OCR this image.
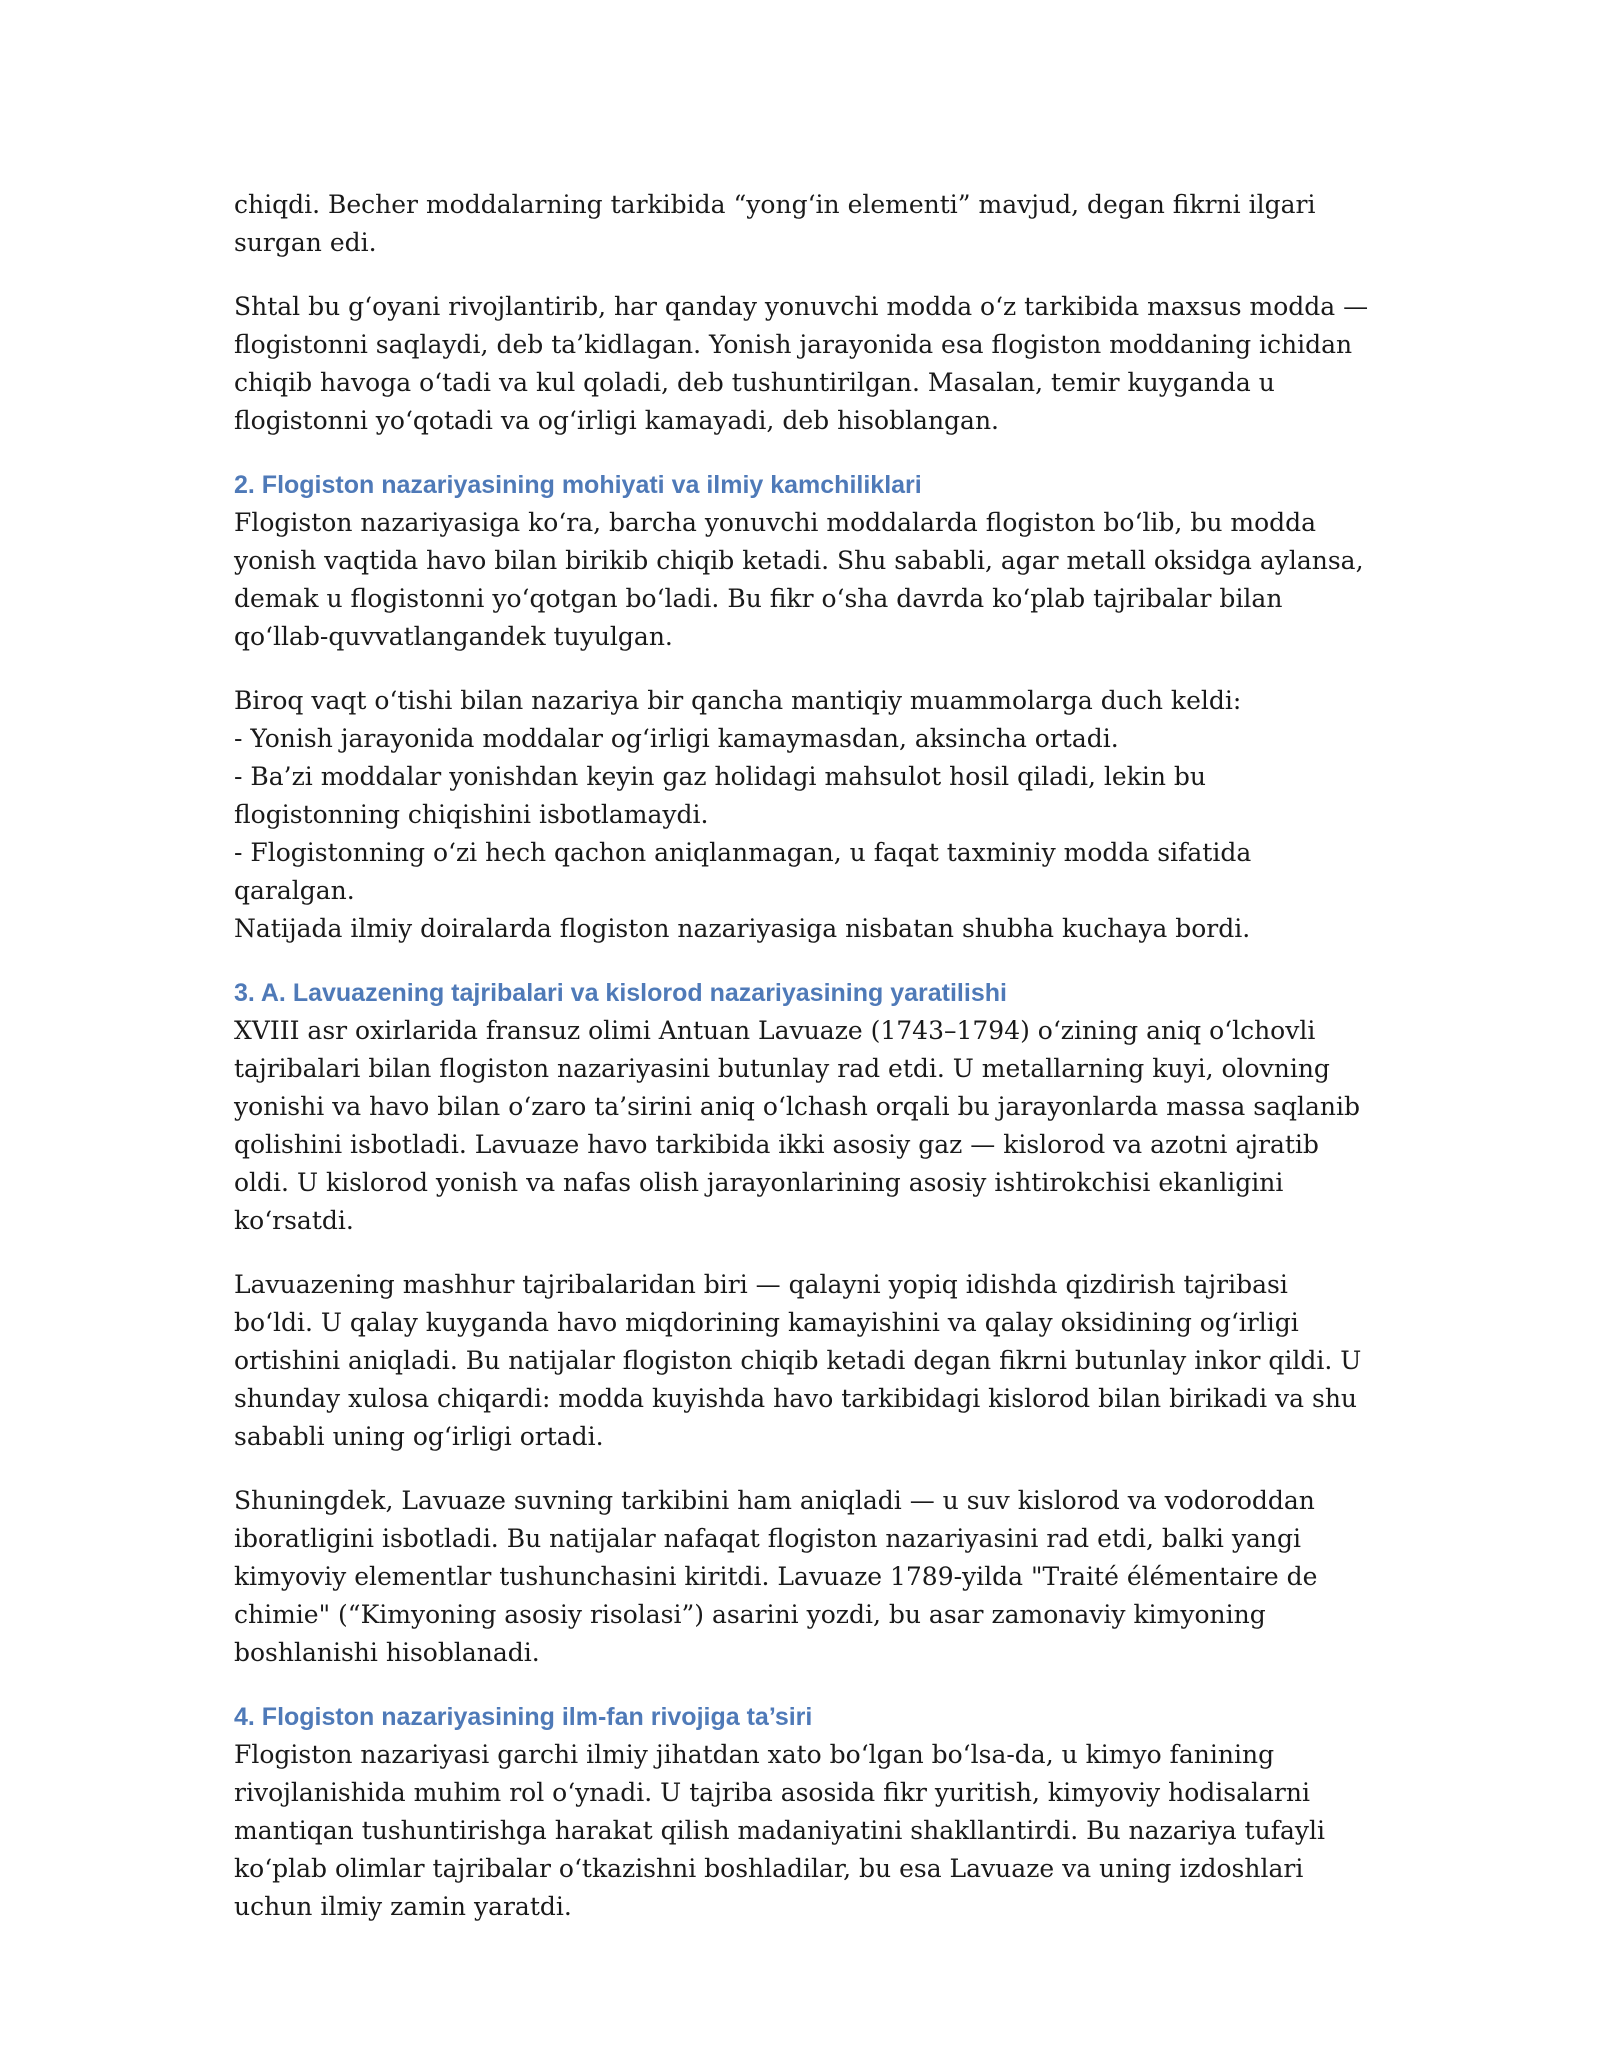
chiqdi. Becher moddalarning tarkibida “yong‘in elementi” mavjud, degan fikrni ilgari surgan edi.

Shtal bu g‘oyani rivojlantirib, har qanday yonuvchi modda o‘z tarkibida maxsus modda — flogistonni saqlaydi, deb ta’kidlagan. Yonish jarayonida esa flogiston moddaning ichidan chiqib havoga o‘tadi va kul qoladi, deb tushuntirilgan. Masalan, temir kuyganda u flogistonni yo‘qotadi va og‘irligi kamayadi, deb hisoblangan.

2. Flogiston nazariyasining mohiyati va ilmiy kamchiliklari

Flogiston nazariyasiga ko‘ra, barcha yonuvchi moddalarda flogiston bo‘lib, bu modda yonish vaqtida havo bilan birikib chiqib ketadi. Shu sababli, agar metall oksidga aylansa, demak u flogistonni yo‘qotgan bo‘ladi. Bu fikr o‘sha davrda ko‘plab tajribalar bilan qo‘llab-quvvatlangandek tuyulgan.

Biroq vaqt o‘tishi bilan nazariya bir qancha mantiqiy muammolarga duch keldi:
- Yonish jarayonida moddalar og‘irligi kamaymasdan, aksincha ortadi.
- Ba’zi moddalar yonishdan keyin gaz holidagi mahsulot hosil qiladi, lekin bu flogistonning chiqishini isbotlamaydi.
- Flogistonning o‘zi hech qachon aniqlanmagan, u faqat taxminiy modda sifatida qaralgan.
Natijada ilmiy doiralarda flogiston nazariyasiga nisbatan shubha kuchaya bordi.

3. A. Lavuazening tajribalari va kislorod nazariyasining yaratilishi

XVIII asr oxirlarida fransuz olimi Antuan Lavuaze (1743–1794) o‘zining aniq o‘lchovli tajribalari bilan flogiston nazariyasini butunlay rad etdi. U metallarning kuyi, olovning yonishi va havo bilan o‘zaro ta’sirini aniq o‘lchash orqali bu jarayonlarda massa saqlanib qolishini isbotladi. Lavuaze havo tarkibida ikki asosiy gaz — kislorod va azotni ajratib oldi. U kislorod yonish va nafas olish jarayonlarining asosiy ishtirokchisi ekanligini ko‘rsatdi.

Lavuazening mashhur tajribalaridan biri — qalayni yopiq idishda qizdirish tajribasi bo‘ldi. U qalay kuyganda havo miqdorining kamayishini va qalay oksidining og‘irligi ortishini aniqladi. Bu natijalar flogiston chiqib ketadi degan fikrni butunlay inkor qildi. U shunday xulosa chiqardi: modda kuyishda havo tarkibidagi kislorod bilan birikadi va shu sababli uning og‘irligi ortadi.

Shuningdek, Lavuaze suvning tarkibini ham aniqladi — u suv kislorod va vodoroddan iboratligini isbotladi. Bu natijalar nafaqat flogiston nazariyasini rad etdi, balki yangi kimyoviy elementlar tushunchasini kiritdi. Lavuaze 1789-yilda "Traité élémentaire de chimie" (“Kimyoning asosiy risolasi”) asarini yozdi, bu asar zamonaviy kimyoning boshlanishi hisoblanadi.

4. Flogiston nazariyasining ilm-fan rivojiga ta’siri

Flogiston nazariyasi garchi ilmiy jihatdan xato bo‘lgan bo‘lsa-da, u kimyo fanining rivojlanishida muhim rol o‘ynadi. U tajriba asosida fikr yuritish, kimyoviy hodisalarni mantiqan tushuntirishga harakat qilish madaniyatini shakllantirdi. Bu nazariya tufayli ko‘plab olimlar tajribalar o‘tkazishni boshladilar, bu esa Lavuaze va uning izdoshlari uchun ilmiy zamin yaratdi.
